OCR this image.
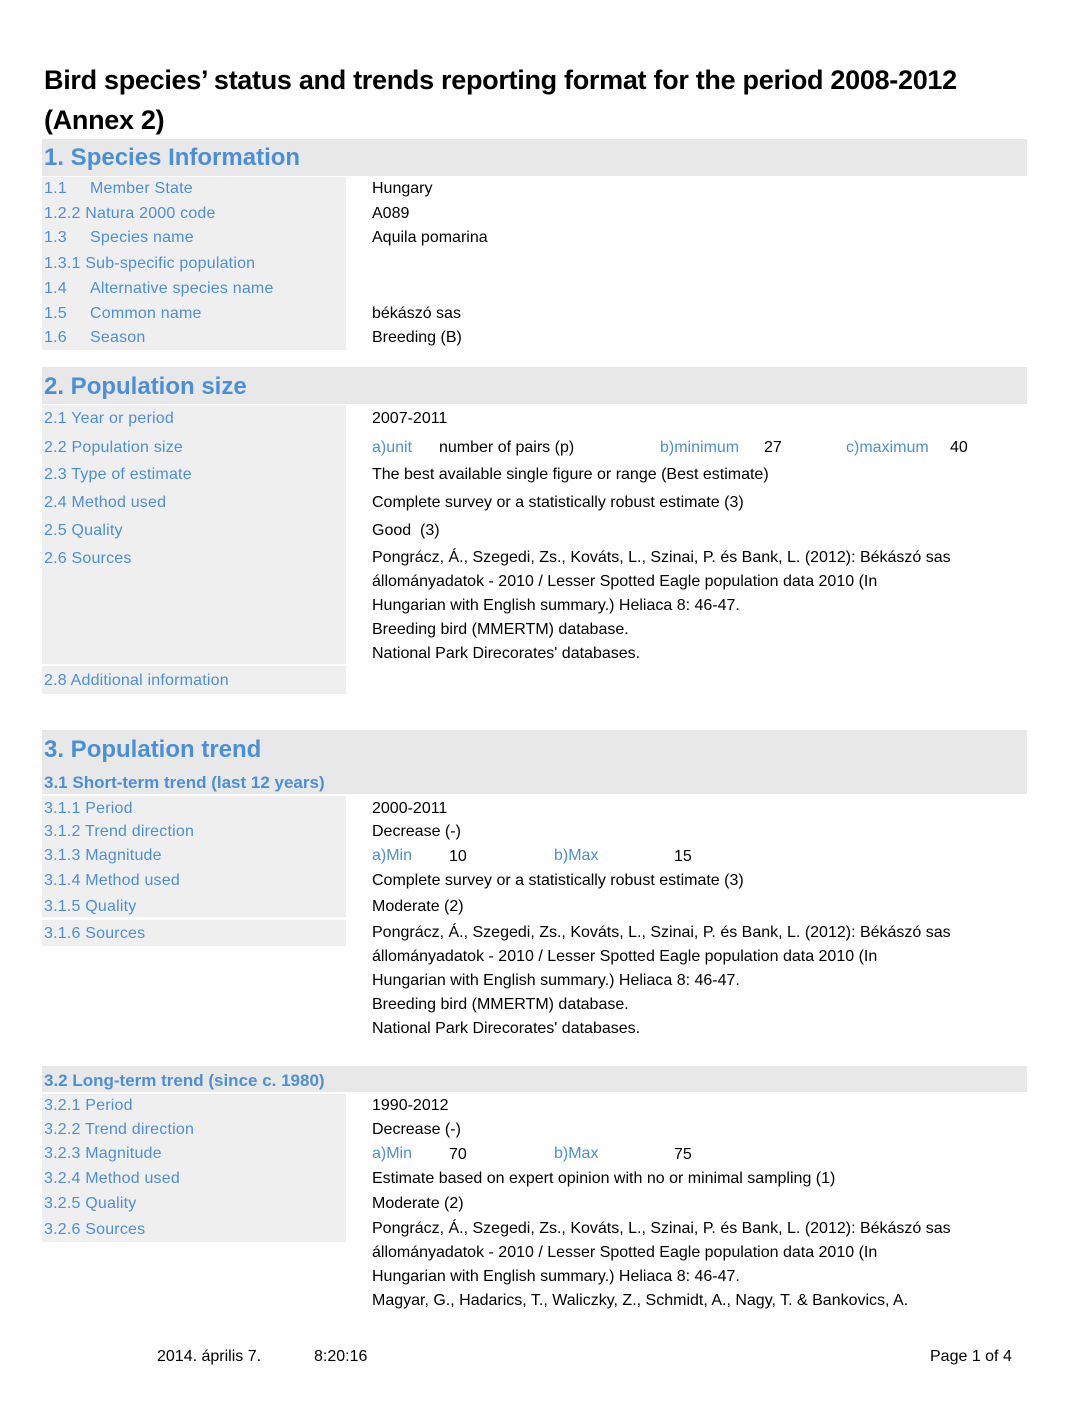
Bird species’ status and trends reporting format for the period 2008-2012
(Annex 2)
1. Species Information
1.1 Member State	Hungary
1.2.2 Natura 2000 code	A089
1.3 Species name	Aquila pomarina
1.3.1 Sub-specific population
1.4 Alternative species name
1.5 Common name	békászó sas
1.6 Season	Breeding (B)
2. Population size
2.1 Year or period	2007-2011
2.2 Population size	a)unit number of pairs (p)	b)minimum 27	c)maximum 40
2.3 Type of estimate	The best available single figure or range (Best estimate)
2.4 Method used	Complete survey or a statistically robust estimate (3)
2.5 Quality	Good  (3)
2.6 Sources	Pongrácz, Á., Szegedi, Zs., Kováts, L., Szinai, P. és Bank, L. (2012): Békászó sas
állományadatok - 2010 / Lesser Spotted Eagle population data 2010 (In
Hungarian with English summary.) Heliaca 8: 46-47.
Breeding bird (MMERTM) database.
National Park Direcorates' databases.
2.8 Additional information
3. Population trend
3.1 Short-term trend (last 12 years)
3.1.1 Period	2000-2011
3.1.2 Trend direction	Decrease (-)
3.1.3 Magnitude	a)Min 10	b)Max	15
3.1.4 Method used	Complete survey or a statistically robust estimate (3)
3.1.5 Quality	Moderate (2)
3.1.6 Sources	Pongrácz, Á., Szegedi, Zs., Kováts, L., Szinai, P. és Bank, L. (2012): Békászó sas
állományadatok - 2010 / Lesser Spotted Eagle population data 2010 (In
Hungarian with English summary.) Heliaca 8: 46-47.
Breeding bird (MMERTM) database.
National Park Direcorates' databases.
3.2 Long-term trend (since c. 1980)
3.2.1 Period	1990-2012
3.2.2 Trend direction	Decrease (-)
3.2.3 Magnitude	a)Min 70	b)Max	75
3.2.4 Method used	Estimate based on expert opinion with no or minimal sampling (1)
3.2.5 Quality	Moderate (2)
3.2.6 Sources	Pongrácz, Á., Szegedi, Zs., Kováts, L., Szinai, P. és Bank, L. (2012): Békászó sas
állományadatok - 2010 / Lesser Spotted Eagle population data 2010 (In
Hungarian with English summary.) Heliaca 8: 46-47.
Magyar, G., Hadarics, T., Waliczky, Z., Schmidt, A., Nagy, T. & Bankovics, A.
2014. április 7.	8:20:16	Page 1 of 4
